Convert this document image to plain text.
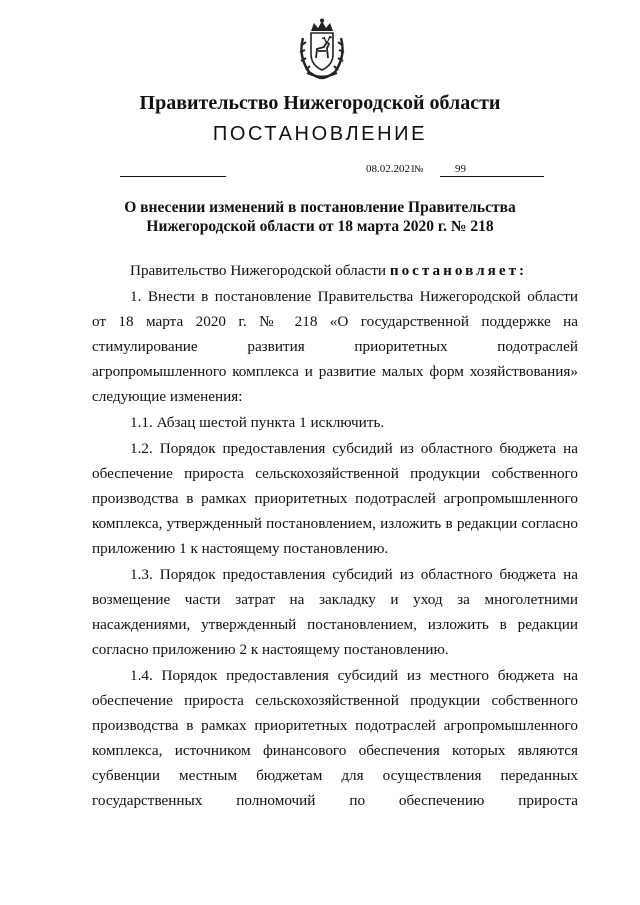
Правительство Нижегородской области
ПОСТАНОВЛЕНИЕ
08.02.2021
№	99
О внесении изменений в постановление Правительства
Нижегородской области от 18 марта 2020 г. № 218

Правительство Нижегородской области постановляет:

1. Внести в постановление Правительства Нижегородской области от 18 марта 2020 г. № 218 «О государственной поддержке на стимулирование развития приоритетных подотраслей агропромышленного комплекса и развитие малых форм хозяйствования» следующие изменения:

1.1. Абзац шестой пункта 1 исключить.

1.2. Порядок предоставления субсидий из областного бюджета на обеспечение прироста сельскохозяйственной продукции собственного производства в рамках приоритетных подотраслей агропромышленного комплекса, утвержденный постановлением, изложить в редакции согласно приложению 1 к настоящему постановлению.

1.3. Порядок предоставления субсидий из областного бюджета на возмещение части затрат на закладку и уход за многолетними насаждениями, утвержденный постановлением, изложить в редакции согласно приложению 2 к настоящему постановлению.

1.4. Порядок предоставления субсидий из местного бюджета на обеспечение прироста сельскохозяйственной продукции собственного производства в рамках приоритетных подотраслей агропромышленного комплекса, источником финансового обеспечения которых являются субвенции местным бюджетам для осуществления переданных государственных полномочий по обеспечению прироста
